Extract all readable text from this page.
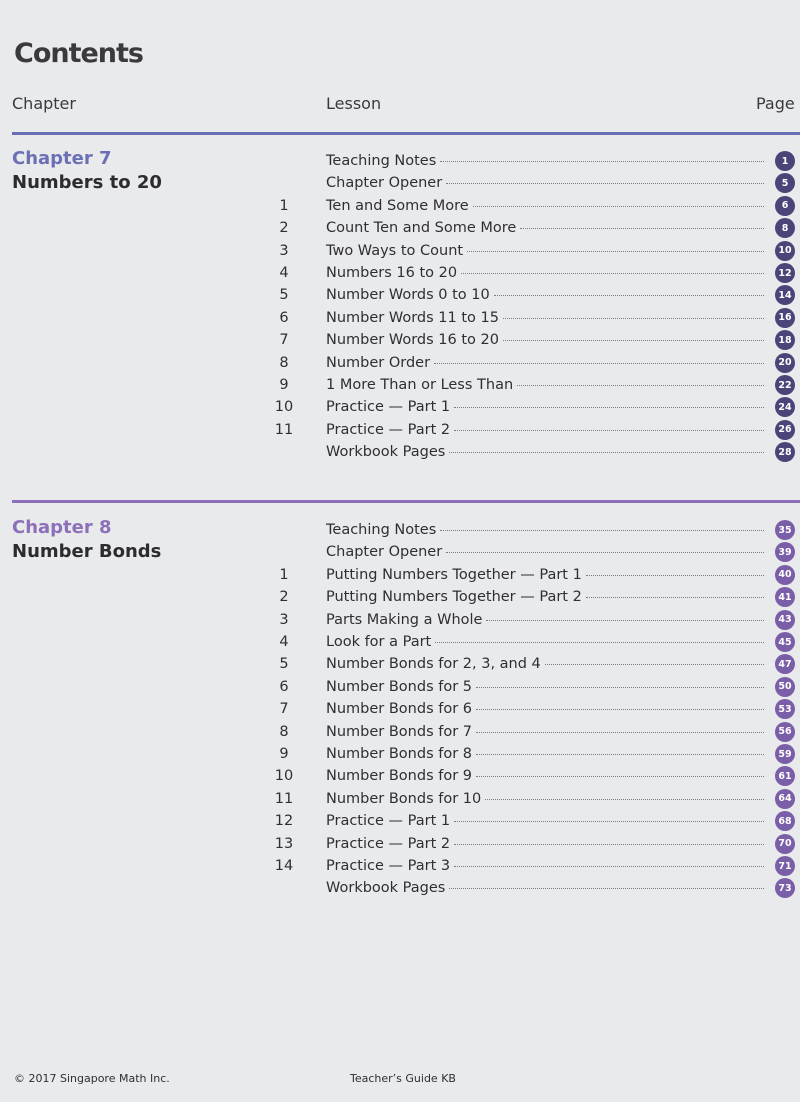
Contents
Chapter	Lesson	Page
Chapter 7
Numbers to 20
Teaching Notes	1
Chapter Opener	5
1	Ten and Some More	6
2	Count Ten and Some More	8
3	Two Ways to Count	10
4	Numbers 16 to 20	12
5	Number Words 0 to 10	14
6	Number Words 11 to 15	16
7	Number Words 16 to 20	18
8	Number Order	20
9	1 More Than or Less Than	22
10	Practice — Part 1	24
11	Practice — Part 2	26
Workbook Pages	28
Chapter 8
Number Bonds
Teaching Notes	35
Chapter Opener	39
1	Putting Numbers Together — Part 1	40
2	Putting Numbers Together — Part 2	41
3	Parts Making a Whole	43
4	Look for a Part	45
5	Number Bonds for 2, 3, and 4	47
6	Number Bonds for 5	50
7	Number Bonds for 6	53
8	Number Bonds for 7	56
9	Number Bonds for 8	59
10	Number Bonds for 9	61
11	Number Bonds for 10	64
12	Practice — Part 1	68
13	Practice — Part 2	70
14	Practice — Part 3	71
Workbook Pages	73
© 2017 Singapore Math Inc.	Teacher’s Guide KB
